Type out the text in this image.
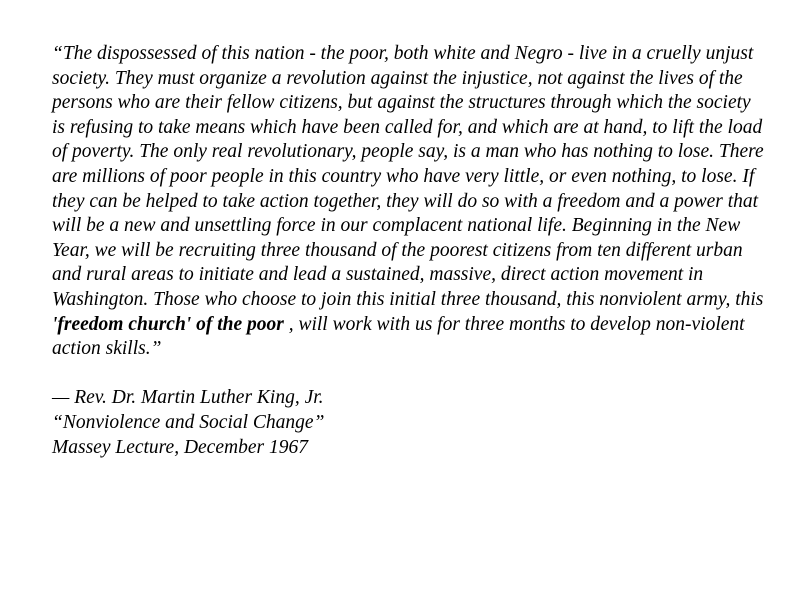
“The dispossessed of this nation - the poor, both white and Negro - live in a cruelly unjust society. They must organize a revolution against the injustice, not against the lives of the persons who are their fellow citizens, but against the structures through which the society is refusing to take means which have been called for, and which are at hand, to lift the load of poverty. The only real revolutionary, people say, is a man who has nothing to lose. There are millions of poor people in this country who have very little, or even nothing, to lose. If they can be helped to take action together, they will do so with a freedom and a power that will be a new and unsettling force in our complacent national life. Beginning in the New Year, we will be recruiting three thousand of the poorest citizens from ten different urban and rural areas to initiate and lead a sustained, massive, direct action movement in Washington. Those who choose to join this initial three thousand, this nonviolent army, this 'freedom church' of the poor , will work with us for three months to develop non-violent action skills.”

— Rev. Dr. Martin Luther King, Jr.
“Nonviolence and Social Change”
Massey Lecture, December 1967
